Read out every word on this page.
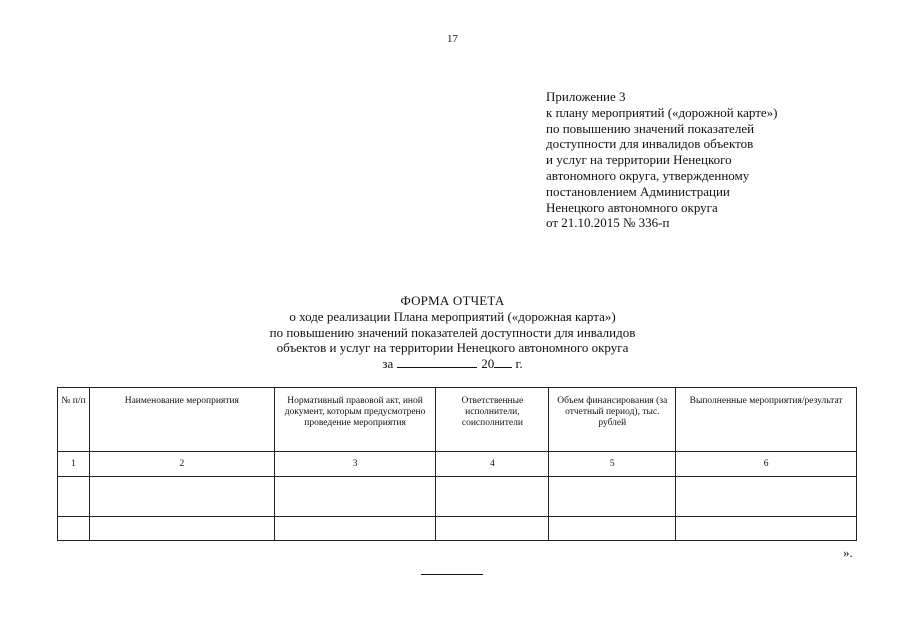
17
Приложение 3
к плану мероприятий («дорожной карте»)
по повышению значений показателей
доступности для инвалидов объектов
и услуг на территории Ненецкого
автономного округа, утвержденному
постановлением Администрации
Ненецкого автономного округа
от 21.10.2015 № 336-п
ФОРМА ОТЧЕТА
о ходе реализации Плана мероприятий («дорожная карта»)
по повышению значений показателей доступности для инвалидов
объектов и услуг на территории Ненецкого автономного округа
за	20 г.
№ п/п	Наименование мероприятия	Нормативный правовой акт, иной документ, которым предусмотрено проведение мероприятия	Ответственные исполнители, соисполнители	Объем финансирования (за отчетный период), тыс. рублей	Выполненные мероприятия/результат
1	2	3	4	5	6

».
